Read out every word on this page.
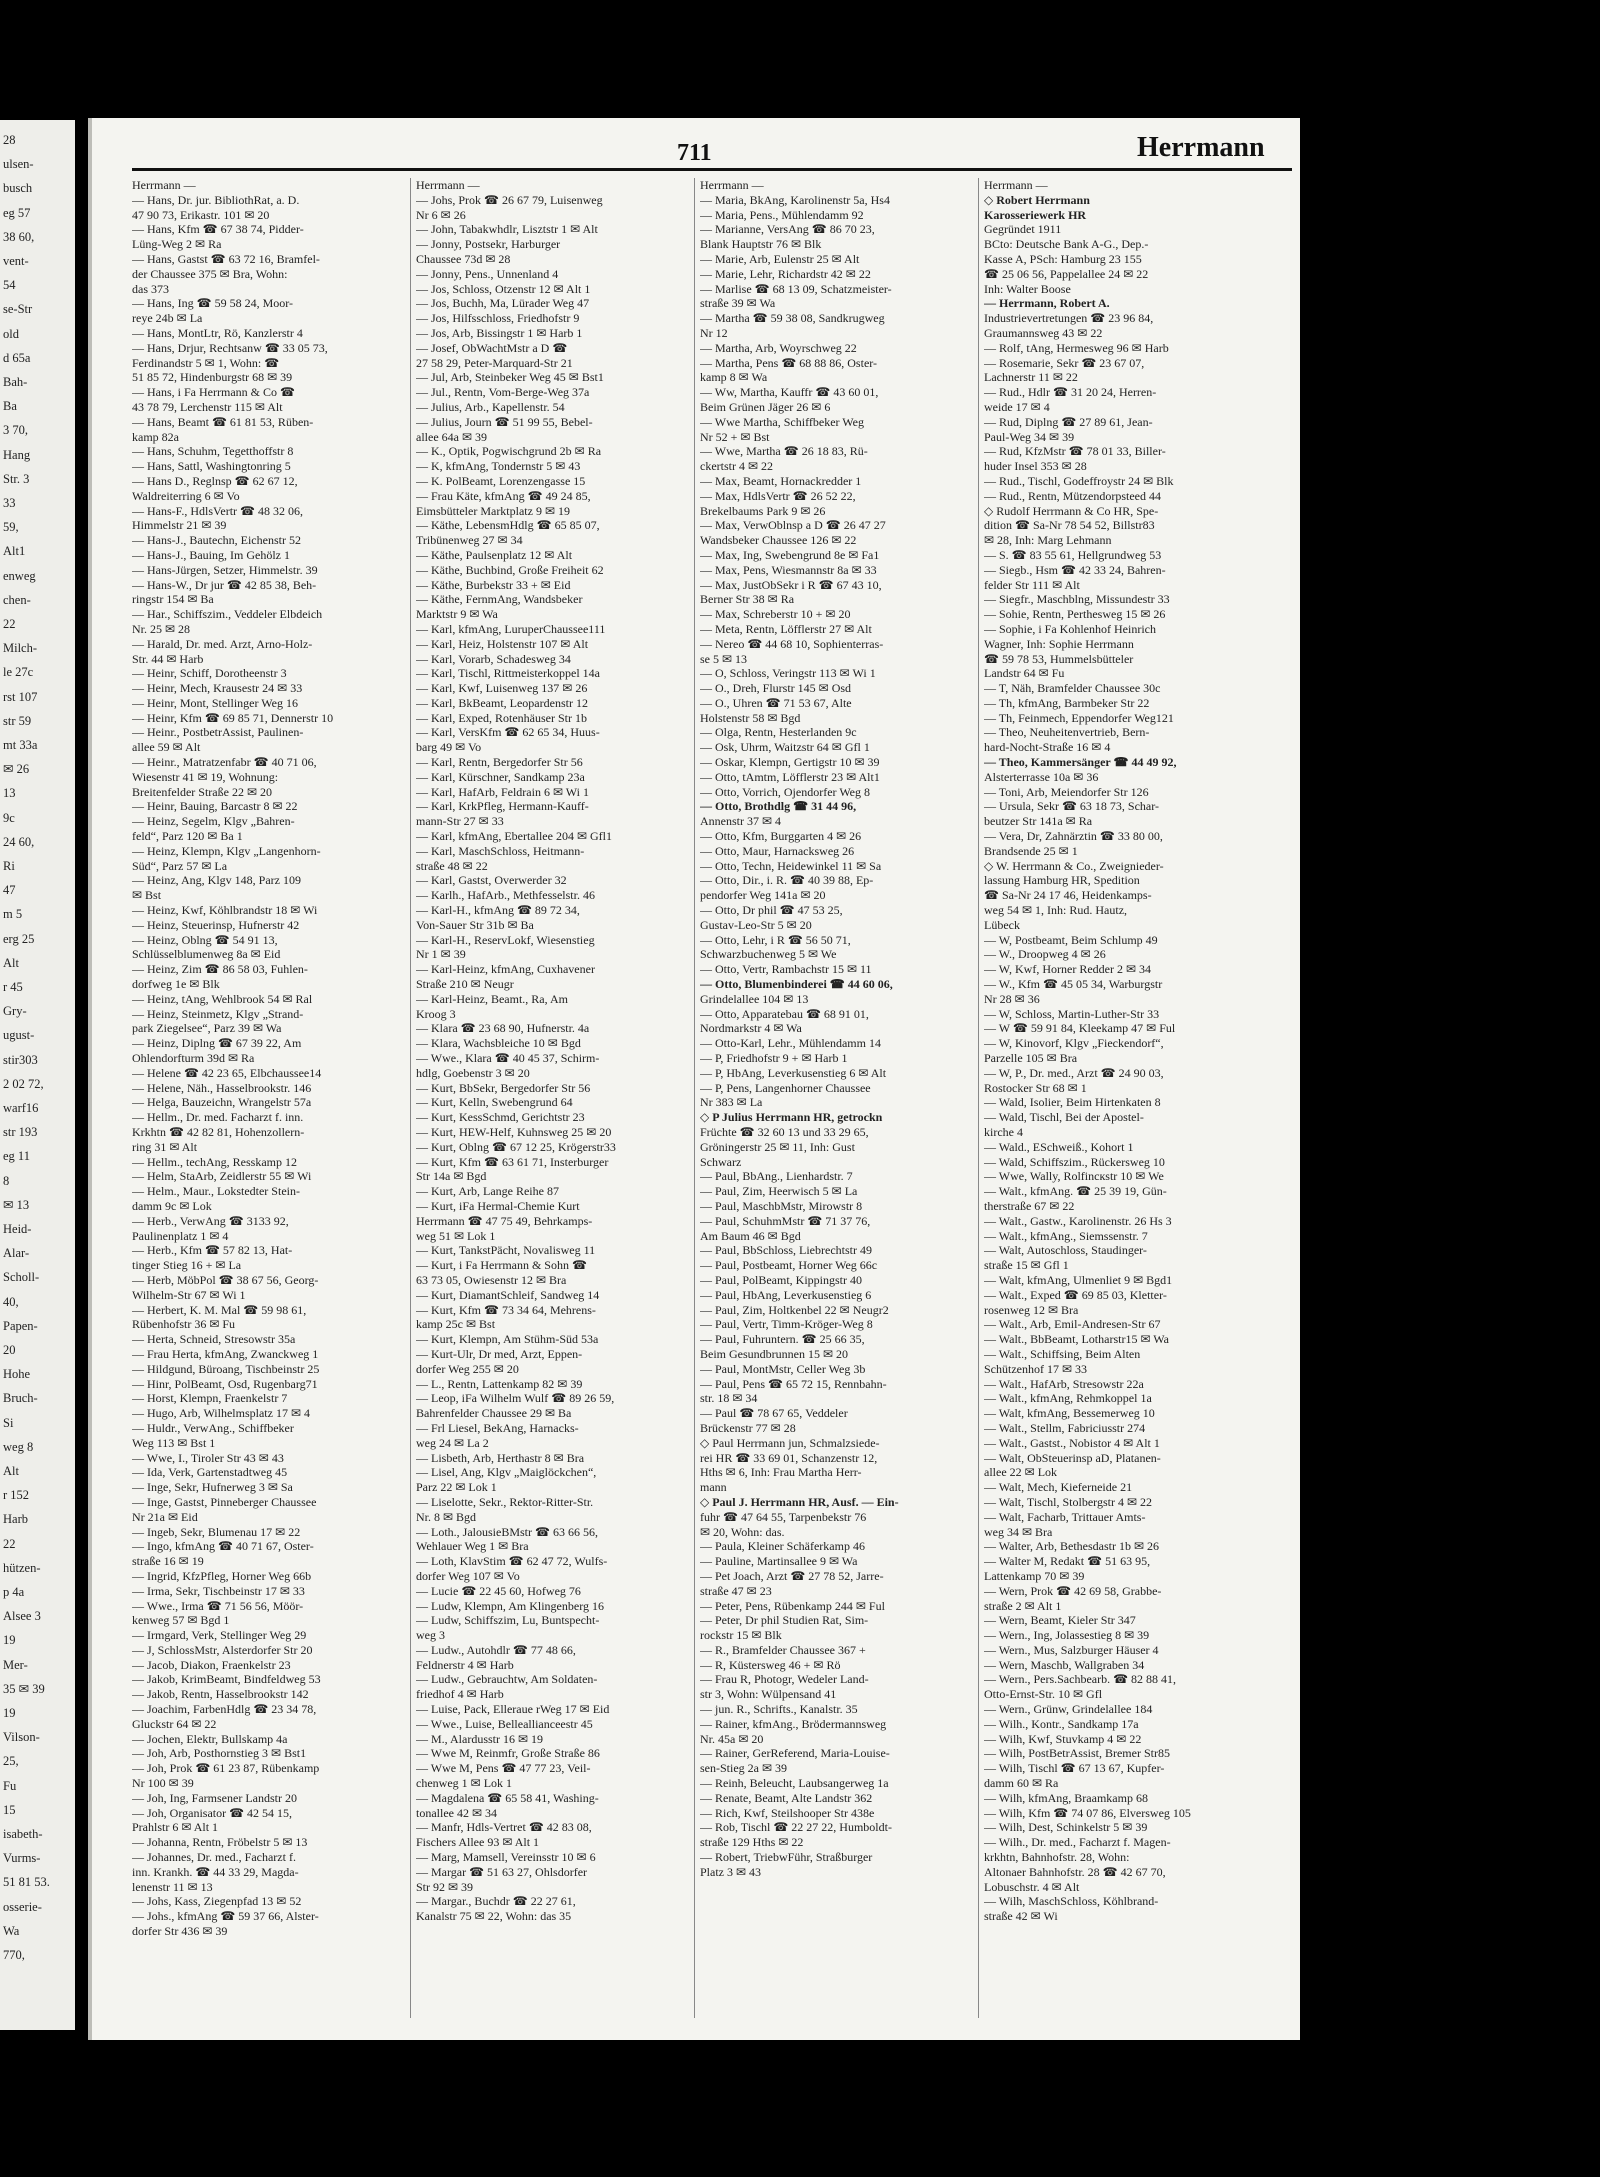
28
ulsen-
busch
eg 57
38 60,
vent-
54
se-Str
old
d 65a
Bah-
Ba
3 70,
Hang
Str. 3
33
59,
Alt1
enweg
chen-
22
Milch-
le 27c
rst 107
str 59
mt 33a
✉ 26
13
9c
24 60,
Ri
47
m 5
erg 25
Alt
r 45
Gry-
ugust-
stir303
2 02 72,
warf16
str 193
eg 11
8
✉ 13
Heid-
Alar-
Scholl-
40,
Papen-
20
Hohe
Bruch-
Si
weg 8
Alt
r 152
Harb
22
hützen-
p 4a
Alsee 3
19
Mer-
35 ✉ 39
19
Vilson-
25,
Fu
15
isabeth-
Vurms-
51 81 53.
osserie-
Wa
770,
711	Herrmann
Herrmann —
— Hans, Dr. jur. BibliothRat, a. D.
47 90 73, Erikastr. 101 ✉ 20
— Hans, Kfm ☎ 67 38 74, Pidder-
Lüng-Weg 2 ✉ Ra
— Hans, Gastst ☎ 63 72 16, Bramfel-
der Chaussee 375 ✉ Bra, Wohn:
das 373
— Hans, Ing ☎ 59 58 24, Moor-
reye 24b ✉ La
— Hans, MontLtr, Rö, Kanzlerstr 4
— Hans, Drjur, Rechtsanw ☎ 33 05 73,
Ferdinandstr 5 ✉ 1, Wohn: ☎
51 85 72, Hindenburgstr 68 ✉ 39
— Hans, i Fa Herrmann & Co ☎
43 78 79, Lerchenstr 115 ✉ Alt
— Hans, Beamt ☎ 61 81 53, Rüben-
kamp 82a
— Hans, Schuhm, Tegetthoffstr 8
— Hans, Sattl, Washingtonring 5
— Hans D., Reglnsp ☎ 62 67 12,
Waldreiterring 6 ✉ Vo
— Hans-F., HdlsVertr ☎ 48 32 06,
Himmelstr 21 ✉ 39
— Hans-J., Bautechn, Eichenstr 52
— Hans-J., Bauing, Im Gehölz 1
— Hans-Jürgen, Setzer, Himmelstr. 39
— Hans-W., Dr jur ☎ 42 85 38, Beh-
ringstr 154 ✉ Ba
— Har., Schiffszim., Veddeler Elbdeich
Nr. 25 ✉ 28
— Harald, Dr. med. Arzt, Arno-Holz-
Str. 44 ✉ Harb
— Heinr, Schiff, Dorotheenstr 3
— Heinr, Mech, Krausestr 24 ✉ 33
— Heinr, Mont, Stellinger Weg 16
— Heinr, Kfm ☎ 69 85 71, Dennerstr 10
— Heinr., PostbetrAssist, Paulinen-
allee 59 ✉ Alt
— Heinr., Matratzenfabr ☎ 40 71 06,
Wiesenstr 41 ✉ 19, Wohnung:
Breitenfelder Straße 22 ✉ 20
— Heinr, Bauing, Barcastr 8 ✉ 22
— Heinz, Segelm, Klgv „Bahren-
feld“, Parz 120 ✉ Ba 1
— Heinz, Klempn, Klgv „Langenhorn-
Süd“, Parz 57 ✉ La
— Heinz, Ang, Klgv 148, Parz 109
✉ Bst
— Heinz, Kwf, Köhlbrandstr 18 ✉ Wi
— Heinz, Steuerinsp, Hufnerstr 42
— Heinz, Oblng ☎ 54 91 13,
Schlüsselblumenweg 8a ✉ Eid
— Heinz, Zim ☎ 86 58 03, Fuhlen-
dorfweg 1e ✉ Blk
— Heinz, tAng, Wehlbrook 54 ✉ Ral
— Heinz, Steinmetz, Klgv „Strand-
park Ziegelsee“, Parz 39 ✉ Wa
— Heinz, Diplng ☎ 67 39 22, Am
Ohlendorfturm 39d ✉ Ra
— Helene ☎ 42 23 65, Elbchaussee14
— Helene, Näh., Hasselbrookstr. 146
— Helga, Bauzeichn, Wrangelstr 57a
— Hellm., Dr. med. Facharzt f. inn.
Krkhtn ☎ 42 82 81, Hohenzollern-
ring 31 ✉ Alt
— Hellm., techAng, Resskamp 12
— Helm, StaArb, Zeidlerstr 55 ✉ Wi
— Helm., Maur., Lokstedter Stein-
damm 9c ✉ Lok
— Herb., VerwAng ☎ 3133 92,
Paulinenplatz 1 ✉ 4
— Herb., Kfm ☎ 57 82 13, Hat-
tinger Stieg 16 + ✉ La
— Herb, MöbPol ☎ 38 67 56, Georg-
Wilhelm-Str 67 ✉ Wi 1
— Herbert, K. M. Mal ☎ 59 98 61,
Rübenhofstr 36 ✉ Fu
— Herta, Schneid, Stresowstr 35a
— Frau Herta, kfmAng, Zwanckweg 1
— Hildgund, Büroang, Tischbeinstr 25
— Hinr, PolBeamt, Osd, Rugenbarg71
— Horst, Klempn, Fraenkelstr 7
— Hugo, Arb, Wilhelmsplatz 17 ✉ 4
— Huldr., VerwAng., Schiffbeker
Weg 113 ✉ Bst 1
— Wwe, I., Tiroler Str 43 ✉ 43
— Ida, Verk, Gartenstadtweg 45
— Inge, Sekr, Hufnerweg 3 ✉ Sa
— Inge, Gastst, Pinneberger Chaussee
Nr 21a ✉ Eid
— Ingeb, Sekr, Blumenau 17 ✉ 22
— Ingo, kfmAng ☎ 40 71 67, Oster-
straße 16 ✉ 19
— Ingrid, KfzPfleg, Horner Weg 66b
— Irma, Sekr, Tischbeinstr 17 ✉ 33
— Wwe., Irma ☎ 71 56 56, Möör-
kenweg 57 ✉ Bgd 1
— Irmgard, Verk, Stellinger Weg 29
— J, SchlossMstr, Alsterdorfer Str 20
— Jacob, Diakon, Fraenkelstr 23
— Jakob, KrimBeamt, Bindfeldweg 53
— Jakob, Rentn, Hasselbrookstr 142
— Joachim, FarbenHdlg ☎ 23 34 78,
Gluckstr 64 ✉ 22
— Jochen, Elektr, Bullskamp 4a
— Joh, Arb, Posthornstieg 3 ✉ Bst1
— Joh, Prok ☎ 61 23 87, Rübenkamp
Nr 100 ✉ 39
— Joh, Ing, Farmsener Landstr 20
— Joh, Organisator ☎ 42 54 15,
Prahlstr 6 ✉ Alt 1
— Johanna, Rentn, Fröbelstr 5 ✉ 13
— Johannes, Dr. med., Facharzt f.
inn. Krankh. ☎ 44 33 29, Magda-
lenenstr 11 ✉ 13
— Johs, Kass, Ziegenpfad 13 ✉ 52
— Johs., kfmAng ☎ 59 37 66, Alster-
dorfer Str 436 ✉ 39
Herrmann —
— Johs, Prok ☎ 26 67 79, Luisenweg
Nr 6 ✉ 26
— John, Tabakwhdlr, Lisztstr 1 ✉ Alt
— Jonny, Postsekr, Harburger
Chaussee 73d ✉ 28
— Jonny, Pens., Unnenland 4
— Jos, Schloss, Otzenstr 12 ✉ Alt 1
— Jos, Buchh, Ma, Lürader Weg 47
— Jos, Hilfsschloss, Friedhofstr 9
— Jos, Arb, Bissingstr 1 ✉ Harb 1
— Josef, ObWachtMstr a D ☎
27 58 29, Peter-Marquard-Str 21
— Jul, Arb, Steinbeker Weg 45 ✉ Bst1
— Jul., Rentn, Vom-Berge-Weg 37a
— Julius, Arb., Kapellenstr. 54
— Julius, Journ ☎ 51 99 55, Bebel-
allee 64a ✉ 39
— K., Optik, Pogwischgrund 2b ✉ Ra
— K, kfmAng, Tondernstr 5 ✉ 43
— K. PolBeamt, Lorenzengasse 15
— Frau Käte, kfmAng ☎ 49 24 85,
Eimsbütteler Marktplatz 9 ✉ 19
— Käthe, LebensmHdlg ☎ 65 85 07,
Tribünenweg 27 ✉ 34
— Käthe, Paulsenplatz 12 ✉ Alt
— Käthe, Buchbind, Große Freiheit 62
— Käthe, Burbekstr 33 + ✉ Eid
— Käthe, FernmAng, Wandsbeker
Marktstr 9 ✉ Wa
— Karl, kfmAng, LuruperChaussee111
— Karl, Heiz, Holstenstr 107 ✉ Alt
— Karl, Vorarb, Schadesweg 34
— Karl, Tischl, Rittmeisterkoppel 14a
— Karl, Kwf, Luisenweg 137 ✉ 26
— Karl, BkBeamt, Leopardenstr 12
— Karl, Exped, Rotenhäuser Str 1b
— Karl, VersKfm ☎ 62 65 34, Huus-
barg 49 ✉ Vo
— Karl, Rentn, Bergedorfer Str 56
— Karl, Kürschner, Sandkamp 23a
— Karl, HafArb, Feldrain 6 ✉ Wi 1
— Karl, KrkPfleg, Hermann-Kauff-
mann-Str 27 ✉ 33
— Karl, kfmAng, Ebertallee 204 ✉ Gfl1
— Karl, MaschSchloss, Heitmann-
straße 48 ✉ 22
— Karl, Gastst, Overwerder 32
— Karlh., HafArb., Methfesselstr. 46
— Karl-H., kfmAng ☎ 89 72 34,
Von-Sauer Str 31b ✉ Ba
— Karl-H., ReservLokf, Wiesenstieg
Nr 1 ✉ 39
— Karl-Heinz, kfmAng, Cuxhavener
Straße 210 ✉ Neugr
— Karl-Heinz, Beamt., Ra, Am
Kroog 3
— Klara ☎ 23 68 90, Hufnerstr. 4a
— Klara, Wachsbleiche 10 ✉ Bgd
— Wwe., Klara ☎ 40 45 37, Schirm-
hdlg, Goebenstr 3 ✉ 20
— Kurt, BbSekr, Bergedorfer Str 56
— Kurt, Kelln, Swebengrund 64
— Kurt, KessSchmd, Gerichtstr 23
— Kurt, HEW-Helf, Kuhnsweg 25 ✉ 20
— Kurt, Oblng ☎ 67 12 25, Krögerstr33
— Kurt, Kfm ☎ 63 61 71, Insterburger
Str 14a ✉ Bgd
— Kurt, Arb, Lange Reihe 87
— Kurt, iFa Hermal-Chemie Kurt
Herrmann ☎ 47 75 49, Behrkamps-
weg 51 ✉ Lok 1
— Kurt, TankstPächt, Novalisweg 11
— Kurt, i Fa Herrmann & Sohn ☎
63 73 05, Owiesenstr 12 ✉ Bra
— Kurt, DiamantSchleif, Sandweg 14
— Kurt, Kfm ☎ 73 34 64, Mehrens-
kamp 25c ✉ Bst
— Kurt, Klempn, Am Stühm-Süd 53a
— Kurt-Ulr, Dr med, Arzt, Eppen-
dorfer Weg 255 ✉ 20
— L., Rentn, Lattenkamp 82 ✉ 39
— Leop, iFa Wilhelm Wulf ☎ 89 26 59,
Bahrenfelder Chaussee 29 ✉ Ba
— Frl Liesel, BekAng, Harnacks-
weg 24 ✉ La 2
— Lisbeth, Arb, Herthastr 8 ✉ Bra
— Lisel, Ang, Klgv „Maiglöckchen“,
Parz 22 ✉ Lok 1
— Liselotte, Sekr., Rektor-Ritter-Str.
Nr. 8 ✉ Bgd
— Loth., JalousieBMstr ☎ 63 66 56,
Wehlauer Weg 1 ✉ Bra
— Loth, KlavStim ☎ 62 47 72, Wulfs-
dorfer Weg 107 ✉ Vo
— Lucie ☎ 22 45 60, Hofweg 76
— Ludw, Klempn, Am Klingenberg 16
— Ludw, Schiffszim, Lu, Buntspecht-
weg 3
— Ludw., Autohdlr ☎ 77 48 66,
Feldnerstr 4 ✉ Harb
— Ludw., Gebrauchtw, Am Soldaten-
friedhof 4 ✉ Harb
— Luise, Pack, Elleraue rWeg 17 ✉ Eid
— Wwe., Luise, Belleallianceestr 45
— M., Alardusstr 16 ✉ 19
— Wwe M, Reinmfr, Große Straße 86
— Wwe M, Pens ☎ 47 77 23, Veil-
chenweg 1 ✉ Lok 1
— Magdalena ☎ 65 58 41, Washing-
tonallee 42 ✉ 34
— Manfr, Hdls-Vertret ☎ 42 83 08,
Fischers Allee 93 ✉ Alt 1
— Marg, Mamsell, Vereinsstr 10 ✉ 6
— Margar ☎ 51 63 27, Ohlsdorfer
Str 92 ✉ 39
— Margar., Buchdr ☎ 22 27 61,
Kanalstr 75 ✉ 22, Wohn: das 35
Herrmann —
— Maria, BkAng, Karolinenstr 5a, Hs4
— Maria, Pens., Mühlendamm 92
— Marianne, VersAng ☎ 86 70 23,
Blank Hauptstr 76 ✉ Blk
— Marie, Arb, Eulenstr 25 ✉ Alt
— Marie, Lehr, Richardstr 42 ✉ 22
— Marlise ☎ 68 13 09, Schatzmeister-
straße 39 ✉ Wa
— Martha ☎ 59 38 08, Sandkrugweg
Nr 12
— Martha, Arb, Woyrschweg 22
— Martha, Pens ☎ 68 88 86, Oster-
kamp 8 ✉ Wa
— Ww, Martha, Kauffr ☎ 43 60 01,
Beim Grünen Jäger 26 ✉ 6
— Wwe Martha, Schiffbeker Weg
Nr 52 + ✉ Bst
— Wwe, Martha ☎ 26 18 83, Rü-
ckertstr 4 ✉ 22
— Max, Beamt, Hornackredder 1
— Max, HdlsVertr ☎ 26 52 22,
Brekelbaums Park 9 ✉ 26
— Max, VerwOblnsp a D ☎ 26 47 27
Wandsbeker Chaussee 126 ✉ 22
— Max, Ing, Swebengrund 8e ✉ Fa1
— Max, Pens, Wiesmannstr 8a ✉ 33
— Max, JustObSekr i R ☎ 67 43 10,
Berner Str 38 ✉ Ra
— Max, Schreberstr 10 + ✉ 20
— Meta, Rentn, Löfflerstr 27 ✉ Alt
— Nereo ☎ 44 68 10, Sophienterras-
se 5 ✉ 13
— O, Schloss, Veringstr 113 ✉ Wi 1
— O., Dreh, Flurstr 145 ✉ Osd
— O., Uhren ☎ 71 53 67, Alte
Holstenstr 58 ✉ Bgd
— Olga, Rentn, Hesterlanden 9c
— Osk, Uhrm, Waitzstr 64 ✉ Gfl 1
— Oskar, Klempn, Gertigstr 10 ✉ 39
— Otto, tAmtm, Löfflerstr 23 ✉ Alt1
— Otto, Vorrich, Ojendorfer Weg 8
— Otto, Brothdlg ☎ 31 44 96,
Annenstr 37 ✉ 4
— Otto, Kfm, Burggarten 4 ✉ 26
— Otto, Maur, Harnacksweg 26
— Otto, Techn, Heidewinkel 11 ✉ Sa
— Otto, Dir., i. R. ☎ 40 39 88, Ep-
pendorfer Weg 141a ✉ 20
— Otto, Dr phil ☎ 47 53 25,
Gustav-Leo-Str 5 ✉ 20
— Otto, Lehr, i R ☎ 56 50 71,
Schwarzbuchenweg 5 ✉ We
— Otto, Vertr, Rambachstr 15 ✉ 11
— Otto, Blumenbinderei ☎ 44 60 06,
Grindelallee 104 ✉ 13
— Otto, Apparatebau ☎ 68 91 01,
Nordmarkstr 4 ✉ Wa
— Otto-Karl, Lehr., Mühlendamm 14
— P, Friedhofstr 9 + ✉ Harb 1
— P, HbAng, Leverkusenstieg 6 ✉ Alt
— P, Pens, Langenhorner Chaussee
Nr 383 ✉ La
◇ P Julius Herrmann HR, getrockn
Früchte ☎ 32 60 13 und 33 29 65,
Gröningerstr 25 ✉ 11, Inh: Gust
Schwarz
— Paul, BbAng., Lienhardstr. 7
— Paul, Zim, Heerwisch 5 ✉ La
— Paul, MaschbMstr, Mirowstr 8
— Paul, SchuhmMstr ☎ 71 37 76,
Am Baum 46 ✉ Bgd
— Paul, BbSchloss, Liebrechtstr 49
— Paul, Postbeamt, Horner Weg 66c
— Paul, PolBeamt, Kippingstr 40
— Paul, HbAng, Leverkusenstieg 6
— Paul, Zim, Holtkenbel 22 ✉ Neugr2
— Paul, Vertr, Timm-Kröger-Weg 8
— Paul, Fuhruntern. ☎ 25 66 35,
Beim Gesundbrunnen 15 ✉ 20
— Paul, MontMstr, Celler Weg 3b
— Paul, Pens ☎ 65 72 15, Rennbahn-
str. 18 ✉ 34
— Paul ☎ 78 67 65, Veddeler
Brückenstr 77 ✉ 28
◇ Paul Herrmann jun, Schmalzsiede-
rei HR ☎ 33 69 01, Schanzenstr 12,
Hths ✉ 6, Inh: Frau Martha Herr-
mann
◇ Paul J. Herrmann HR, Ausf. — Ein-
fuhr ☎ 47 64 55, Tarpenbekstr 76
✉ 20, Wohn: das.
— Paula, Kleiner Schäferkamp 46
— Pauline, Martinsallee 9 ✉ Wa
— Pet Joach, Arzt ☎ 27 78 52, Jarre-
straße 47 ✉ 23
— Peter, Pens, Rübenkamp 244 ✉ Ful
— Peter, Dr phil Studien Rat, Sim-
rockstr 15 ✉ Blk
— R., Bramfelder Chaussee 367 +
— R, Küstersweg 46 + ✉ Rö
— Frau R, Photogr, Wedeler Land-
str 3, Wohn: Wülpensand 41
— jun. R., Schrifts., Kanalstr. 35
— Rainer, kfmAng., Brödermannsweg
Nr. 45a ✉ 20
— Rainer, GerReferend, Maria-Louise-
sen-Stieg 2a ✉ 39
— Reinh, Beleucht, Laubsangerweg 1a
— Renate, Beamt, Alte Landstr 362
— Rich, Kwf, Steilshooper Str 438e
— Rob, Tischl ☎ 22 27 22, Humboldt-
straße 129 Hths ✉ 22
— Robert, TriebwFühr, Straßburger
Platz 3 ✉ 43
Herrmann —
◇ Robert Herrmann
Karosseriewerk HR
Gegründet 1911
BCto: Deutsche Bank A-G., Dep.-
Kasse A, PSch: Hamburg 23 155
☎ 25 06 56, Pappelallee 24 ✉ 22
Inh: Walter Boose
— Herrmann, Robert A.
Industrievertretungen ☎ 23 96 84,
Graumannsweg 43 ✉ 22
— Rolf, tAng, Hermesweg 96 ✉ Harb
— Rosemarie, Sekr ☎ 23 67 07,
Lachnerstr 11 ✉ 22
— Rud., Hdlr ☎ 31 20 24, Herren-
weide 17 ✉ 4
— Rud, Diplng ☎ 27 89 61, Jean-
Paul-Weg 34 ✉ 39
— Rud, KfzMstr ☎ 78 01 33, Biller-
huder Insel 353 ✉ 28
— Rud., Tischl, Godeffroystr 24 ✉ Blk
— Rud., Rentn, Mützendorpsteed 44
◇ Rudolf Herrmann & Co HR, Spe-
dition ☎ Sa-Nr 78 54 52, Billstr83
✉ 28, Inh: Marg Lehmann
— S. ☎ 83 55 61, Hellgrundweg 53
— Siegb., Hsm ☎ 42 33 24, Bahren-
felder Str 111 ✉ Alt
— Siegfr., Maschblng, Missundestr 33
— Sohie, Rentn, Pertheswеg 15 ✉ 26
— Sophie, i Fa Kohlenhof Heinrich
Wagner, Inh: Sophie Herrmann
☎ 59 78 53, Hummelsbütteler
Landstr 64 ✉ Fu
— T, Näh, Bramfelder Chaussee 30c
— Th, kfmAng, Barmbeker Str 22
— Th, Feinmech, Eppendorfer Weg121
— Theo, Neuheitenvertrieb, Bern-
hard-Nocht-Straße 16 ✉ 4
— Theo, Kammersänger ☎ 44 49 92,
Alsterterrasse 10a ✉ 36
— Toni, Arb, Meiendorfer Str 126
— Ursula, Sekr ☎ 63 18 73, Schar-
beutzer Str 141a ✉ Ra
— Vera, Dr, Zahnärztin ☎ 33 80 00,
Brandsende 25 ✉ 1
◇ W. Herrmann & Co., Zweignieder-
lassung Hamburg HR, Spedition
☎ Sa-Nr 24 17 46, Heidenkamps-
weg 54 ✉ 1, Inh: Rud. Hautz,
Lübeck
— W, Postbeamt, Beim Schlump 49
— W., Droopweg 4 ✉ 26
— W, Kwf, Horner Redder 2 ✉ 34
— W., Kfm ☎ 45 05 34, Warburgstr
Nr 28 ✉ 36
— W, Schloss, Martin-Luther-Str 33
— W ☎ 59 91 84, Kleekamp 47 ✉ Ful
— W, Kinovorf, Klgv „Fieckendorf“,
Parzelle 105 ✉ Bra
— W, P., Dr. med., Arzt ☎ 24 90 03,
Rostocker Str 68 ✉ 1
— Wald, Isolier, Beim Hirtenkaten 8
— Wald, Tischl, Bei der Apostel-
kirche 4
— Wald., ESchweiß., Kohort 1
— Wald, Schiffszim., Rückersweg 10
— Wwe, Wally, Rolfincкstr 10 ✉ We
— Walt., kfmAng. ☎ 25 39 19, Gün-
therstraße 67 ✉ 22
— Walt., Gastw., Karolinenstr. 26 Hs 3
— Walt., kfmAng., Siemssenstr. 7
— Walt, Autoschloss, Staudinger-
straße 15 ✉ Gfl 1
— Walt, kfmAng, Ulmenliet 9 ✉ Bgd1
— Walt., Exped ☎ 69 85 03, Kletter-
rosenweg 12 ✉ Bra
— Walt., Arb, Emil-Andresen-Str 67
— Walt., BbBeamt, Lotharstr15 ✉ Wa
— Walt., Schiffsing, Beim Alten
Schützenhof 17 ✉ 33
— Walt., HafArb, Stresowstr 22a
— Walt., kfmAng, Rehmkoppel 1a
— Walt, kfmAng, Bessemerweg 10
— Walt., Stellm, Fabriciusstr 274
— Walt., Gastst., Nobistor 4 ✉ Alt 1
— Walt, ObSteuerinsp aD, Platanen-
allee 22 ✉ Lok
— Walt, Mech, Kieferneide 21
— Walt, Tischl, Stolbergstr 4 ✉ 22
— Walt, Facharb, Trittauer Amts-
weg 34 ✉ Bra
— Walter, Arb, Bethesdastr 1b ✉ 26
— Walter M, Redakt ☎ 51 63 95,
Lattenkamp 70 ✉ 39
— Wern, Prok ☎ 42 69 58, Grabbe-
straße 2 ✉ Alt 1
— Wern, Beamt, Kieler Str 347
— Wern., Ing, Jolassestieg 8 ✉ 39
— Wern., Mus, Salzburger Häuser 4
— Wern, Maschb, Wallgraben 34
— Wern., Pers.Sachbearb. ☎ 82 88 41,
Otto-Ernst-Str. 10 ✉ Gfl
— Wern., Grünw, Grindelallee 184
— Wilh., Kontr., Sandkamp 17a
— Wilh, Kwf, Stuvkamp 4 ✉ 22
— Wilh, PostBetrAssist, Bremer Str85
— Wilh, Tischl ☎ 67 13 67, Kupfer-
damm 60 ✉ Ra
— Wilh, kfmAng, Braamkamp 68
— Wilh, Kfm ☎ 74 07 86, Elversweg 105
— Wilh, Dest, Schinkelstr 5 ✉ 39
— Wilh., Dr. med., Facharzt f. Magen-
krkhtn, Bahnhofstr. 28, Wohn:
Altonaer Bahnhofstr. 28 ☎ 42 67 70,
Lobuschstr. 4 ✉ Alt
— Wilh, MaschSchloss, Köhlbrand-
straße 42 ✉ Wi
